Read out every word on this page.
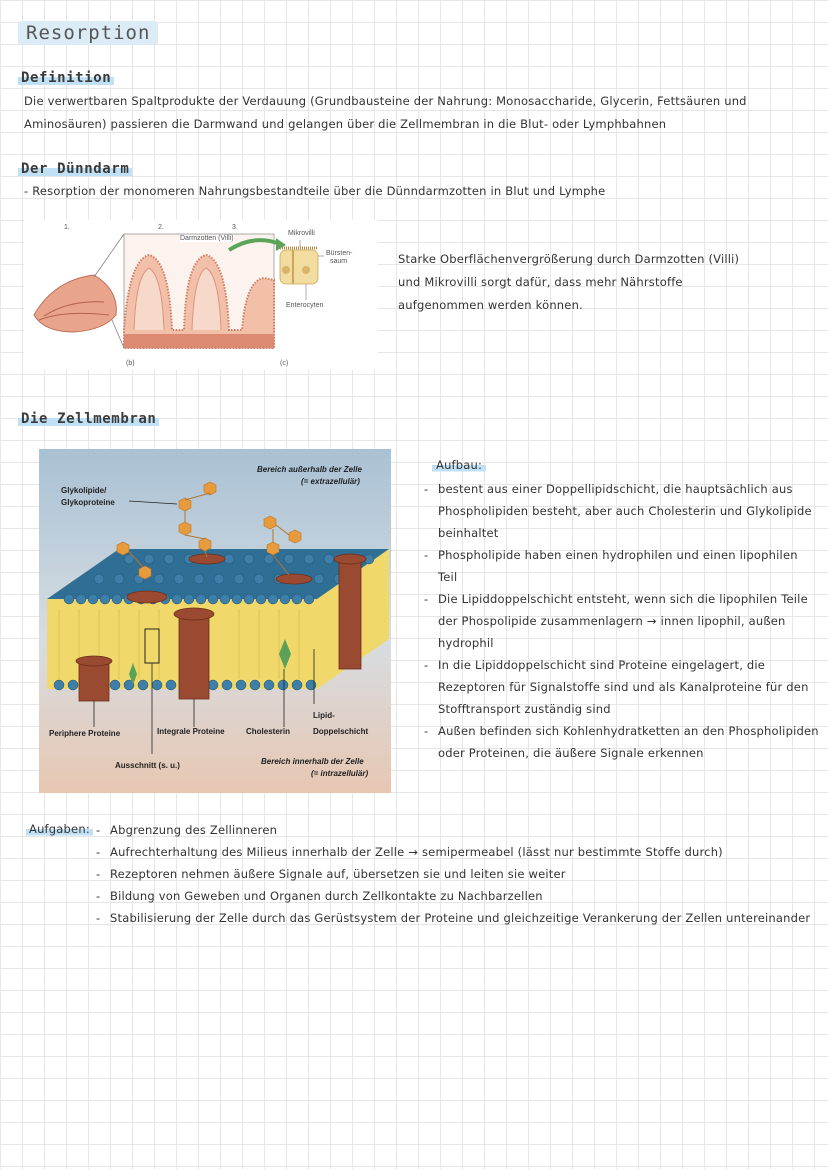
Resorption
Definition
Die verwertbaren Spaltprodukte der Verdauung (Grundbausteine der Nahrung: Monosaccharide, Glycerin, Fettsäuren und
Aminosäuren) passieren die Darmwand und gelangen über die Zellmembran in die Blut- oder Lymphbahnen
Der Dünndarm
- Resorption der monomeren Nahrungsbestandteile über die Dünndarmzotten in Blut und Lymphe
1.	2.	3.
Darmzotten (Villi)
Mikrovilli
Bürsten-
saum
Enterocyten
(b)	(c)
Starke Oberflächenvergrößerung durch Darmzotten (Villi)
und Mikrovilli sorgt dafür, dass mehr Nährstoffe
aufgenommen werden können.
Die Zellmembran
Bereich außerhalb der Zelle
(= extrazellulär)
Glykolipide/
Glykoproteine
Periphere Proteine	Integrale Proteine	Cholesterin
Lipid-
Doppelschicht
Ausschnitt (s. u.)	Bereich innerhalb der Zelle
(= intrazellulär)
Aufbau:
- bestent aus einer Doppellipidschicht, die hauptsächlich aus Phospholipiden besteht, aber auch Cholesterin und Glykolipide beinhaltet
- Phospholipide haben einen hydrophilen und einen lipophilen Teil
- Die Lipiddoppelschicht entsteht, wenn sich die lipophilen Teile der Phospolipide zusammenlagern → innen lipophil, außen hydrophil
- In die Lipiddoppelschicht sind Proteine eingelagert, die Rezeptoren für Signalstoffe sind und als Kanalproteine für den Stofftransport zuständig sind
- Außen befinden sich Kohlenhydratketten an den Phospholipiden oder Proteinen, die äußere Signale erkennen
Aufgaben:
-	Abgrenzung des Zellinneren
- Aufrechterhaltung des Milieus innerhalb der Zelle → semipermeabel (lässt nur bestimmte Stoffe durch)
- Rezeptoren nehmen äußere Signale auf, übersetzen sie und leiten sie weiter
- Bildung von Geweben und Organen durch Zellkontakte zu Nachbarzellen
- Stabilisierung der Zelle durch das Gerüstsystem der Proteine und gleichzeitige Verankerung der Zellen untereinander
